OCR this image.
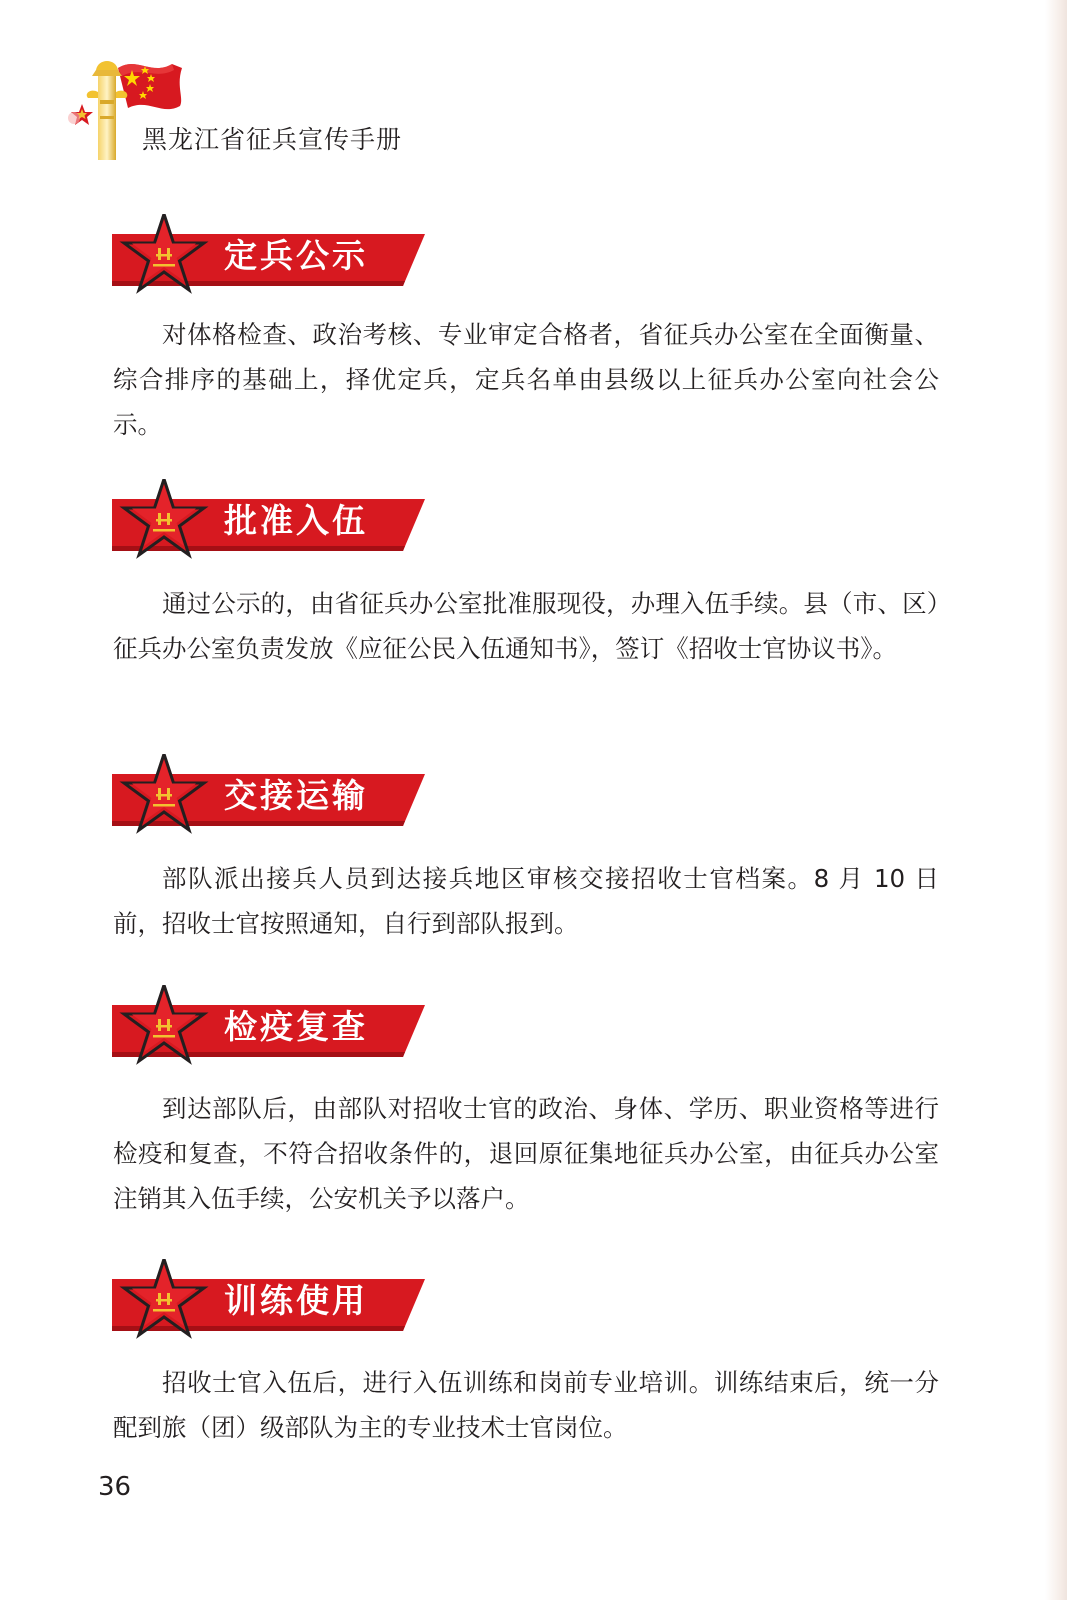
黑龙江省征兵宣传手册
定兵公示

对体格检查、政治考核、专业审定合格者，省征兵办公室在全面衡量、综合排序的基础上，择优定兵，定兵名单由县级以上征兵办公室向社会公示。

批准入伍

通过公示的，由省征兵办公室批准服现役，办理入伍手续。县（市、区）征兵办公室负责发放《应征公民入伍通知书》，签订《招收士官协议书》。

交接运输

部队派出接兵人员到达接兵地区审核交接招收士官档案。8 月 10 日前，招收士官按照通知，自行到部队报到。

检疫复查

到达部队后，由部队对招收士官的政治、身体、学历、职业资格等进行检疫和复查，不符合招收条件的，退回原征集地征兵办公室，由征兵办公室注销其入伍手续，公安机关予以落户。

训练使用

招收士官入伍后，进行入伍训练和岗前专业培训。训练结束后，统一分配到旅（团）级部队为主的专业技术士官岗位。

36
